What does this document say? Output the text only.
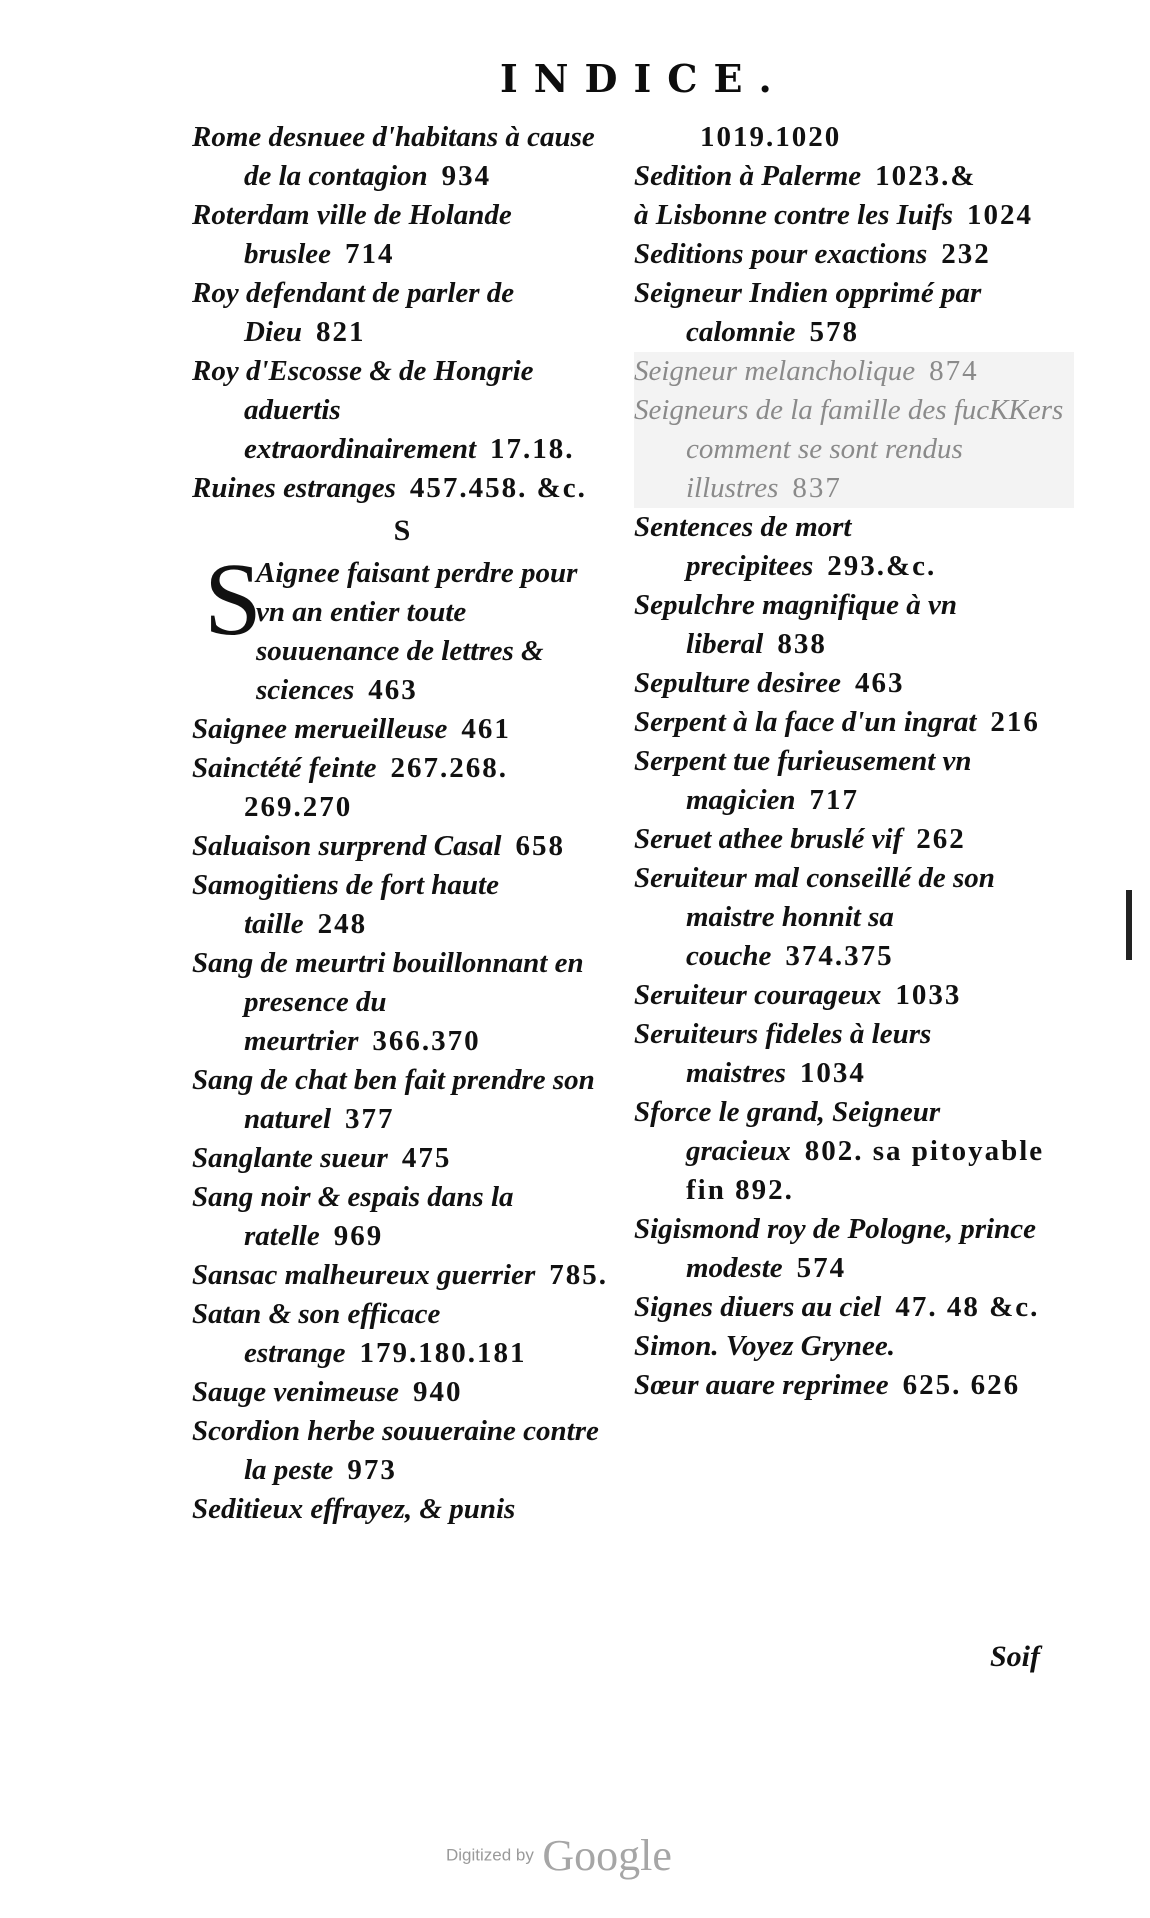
INDICE.

Rome desnuee d'habitans à cause de la contagion 934

Roterdam ville de Holande bruslee 714

Roy defendant de parler de Dieu 821

Roy d'Escosse & de Hongrie aduertis extraordinairement 17.18.

Ruines estranges 457.458. &c.

S

S
Aignee faisant perdre pour vn an entier toute souuenance de lettres & sciences 463

Saignee merueilleuse 461

Sainctété feinte 267.268. 269.270

Saluaison surprend Casal 658

Samogitiens de fort haute taille 248

Sang de meurtri bouillonnant en presence du meurtrier 366.370

Sang de chat ben fait prendre son naturel 377

Sanglante sueur 475

Sang noir & espais dans la ratelle 969

Sansac malheureux guerrier 785.

Satan & son efficace estrange 179.180.181

Sauge venimeuse 940

Scordion herbe souueraine contre la peste 973

Seditieux effrayez, & punis

1019.1020

Sedition à Palerme 1023.&

à Lisbonne contre les Iuifs 1024

Seditions pour exactions 232

Seigneur Indien opprimé par calomnie 578

Seigneur melancholique 874

Seigneurs de la famille des fucKKers comment se sont rendus illustres 837

Sentences de mort precipitees 293.&c.

Sepulchre magnifique à vn liberal 838

Sepulture desiree 463

Serpent à la face d'un ingrat 216

Serpent tue furieusement vn magicien 717

Seruet athee bruslé vif 262

Seruiteur mal conseillé de son maistre honnit sa couche 374.375

Seruiteur courageux 1033

Seruiteurs fideles à leurs maistres 1034

Sforce le grand, Seigneur gracieux 802. sa pitoyable fin 892.

Sigismond roy de Pologne, prince modeste 574

Signes diuers au ciel 47. 48 &c.

Simon. Voyez Grynee.

Sœur auare reprimee 625. 626

Soif
Digitized by Google
